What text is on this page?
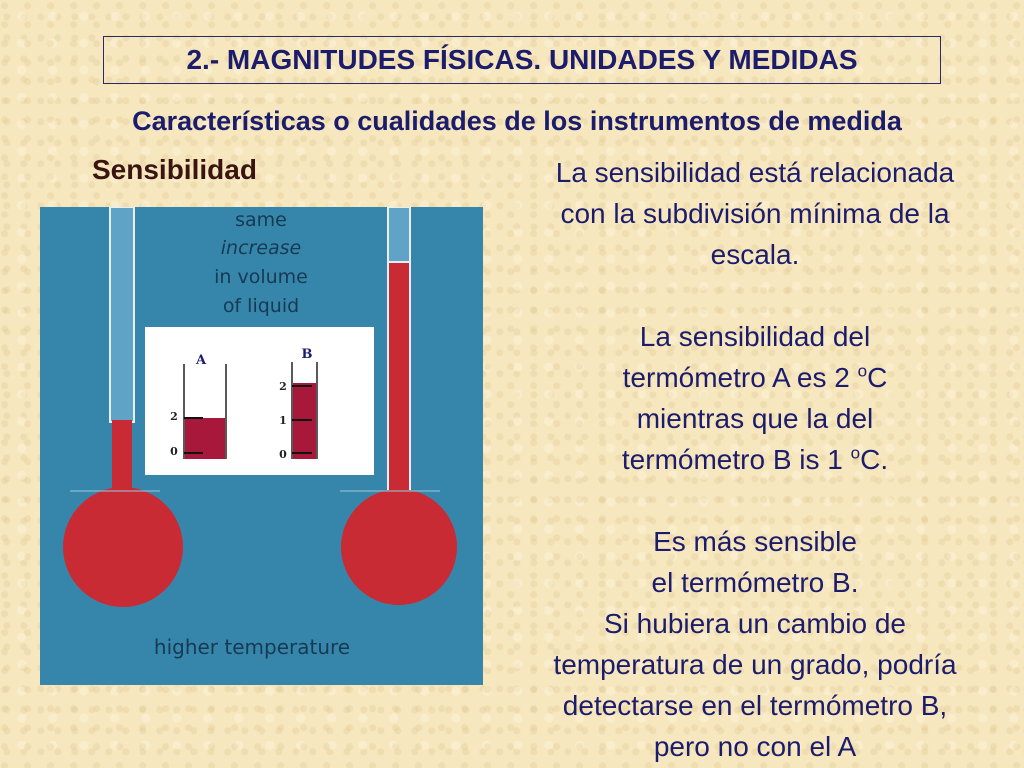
2.- MAGNITUDES FÍSICAS. UNIDADES Y MEDIDAS
Características o cualidades de los instrumentos de medida
Sensibilidad
same
increase
in volume
of liquid
higher temperature
A
2
0
B
2
1
0

La sensibilidad está relacionada

con la subdivisión mínima de la

escala.

La sensibilidad del

termómetro A es 2 $^o$C

mientras que la del

termómetro B is 1 $^o$C.

Es más sensible

el termómetro B.

Si hubiera un cambio de

temperatura de un grado, podría

detectarse en el termómetro B,

pero no con el A
